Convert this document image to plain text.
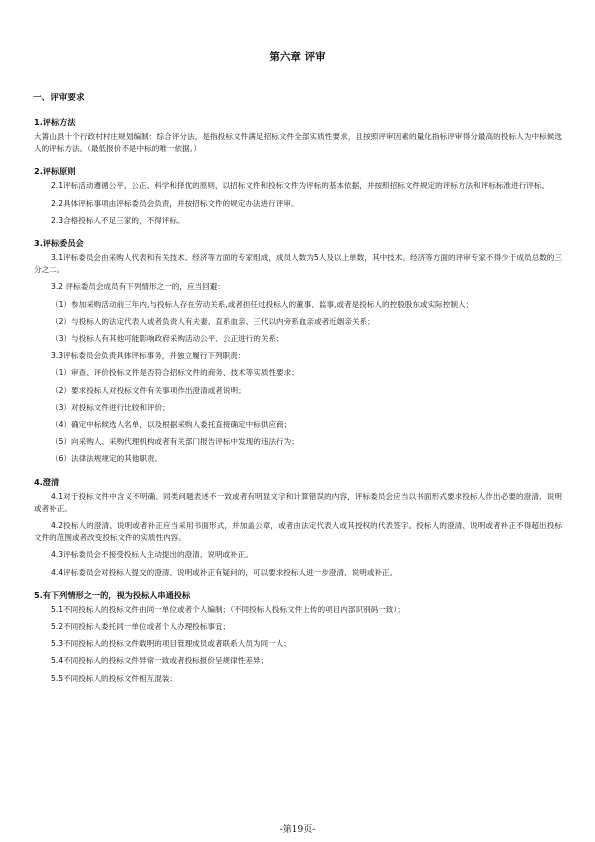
第六章 评审
一、评审要求
1.评标方法
大箐山县十个行政村村庄规划编制：综合评分法，是指投标文件满足招标文件全部实质性要求，且按照评审因素的量化指标评审得分最高的投标人为中标候选人的评标方法。（最低报价不是中标的唯一依据。）
2.评标原则
2.1评标活动遵循公平、公正、科学和择优的原则，以招标文件和投标文件为评标的基本依据，并按照招标文件规定的评标方法和评标标准进行评标。
2.2具体评标事项由评标委员会负责，并按招标文件的规定办法进行评审。
2.3合格投标人不足三家的，不得评标。
3.评标委员会
3.1评标委员会由采购人代表和有关技术、经济等方面的专家组成，成员人数为5人及以上单数，其中技术、经济等方面的评审专家不得少于成员总数的三分之二。
3.2 评标委员会成员有下列情形之一的，应当回避：
（1）参加采购活动前三年内,与投标人存在劳动关系,或者担任过投标人的董事、监事,或者是投标人的控股股东或实际控制人；
（2）与投标人的法定代表人或者负责人有夫妻、直系血亲、三代以内旁系血亲或者近姻亲关系；
（3）与投标人有其他可能影响政府采购活动公平、公正进行的关系；
3.3评标委员会负责具体评标事务，并独立履行下列职责：
（1）审查、评价投标文件是否符合招标文件的商务、技术等实质性要求；
（2）要求投标人对投标文件有关事项作出澄清或者说明；
（3）对投标文件进行比较和评价；
（4）确定中标候选人名单，以及根据采购人委托直接确定中标供应商；
（5）向采购人、采购代理机构或者有关部门报告评标中发现的违法行为；
（6）法律法规规定的其他职责。
4.澄清
4.1对于投标文件中含义不明确、同类问题表述不一致或者有明显文字和计算错误的内容，评标委员会应当以书面形式要求投标人作出必要的澄清、说明或者补正。
4.2投标人的澄清、说明或者补正应当采用书面形式，并加盖公章，或者由法定代表人或其授权的代表签字。投标人的澄清、说明或者补正不得超出投标文件的范围或者改变投标文件的实质性内容。
4.3评标委员会不接受投标人主动提出的澄清、说明或补正。
4.4评标委员会对投标人提交的澄清、说明或补正有疑问的，可以要求投标人进一步澄清、说明或补正。
5.有下列情形之一的，视为投标人串通投标
5.1不同投标人的投标文件由同一单位或者个人编制；（不同投标人投标文件上传的项目内部识别码一致）；
5.2不同投标人委托同一单位或者个人办理投标事宜；
5.3不同投标人的投标文件载明的项目管理成员或者联系人员为同一人；
5.4不同投标人的投标文件异常一致或者投标报价呈规律性差异；
5.5不同投标人的投标文件相互混装；
-第19页-
